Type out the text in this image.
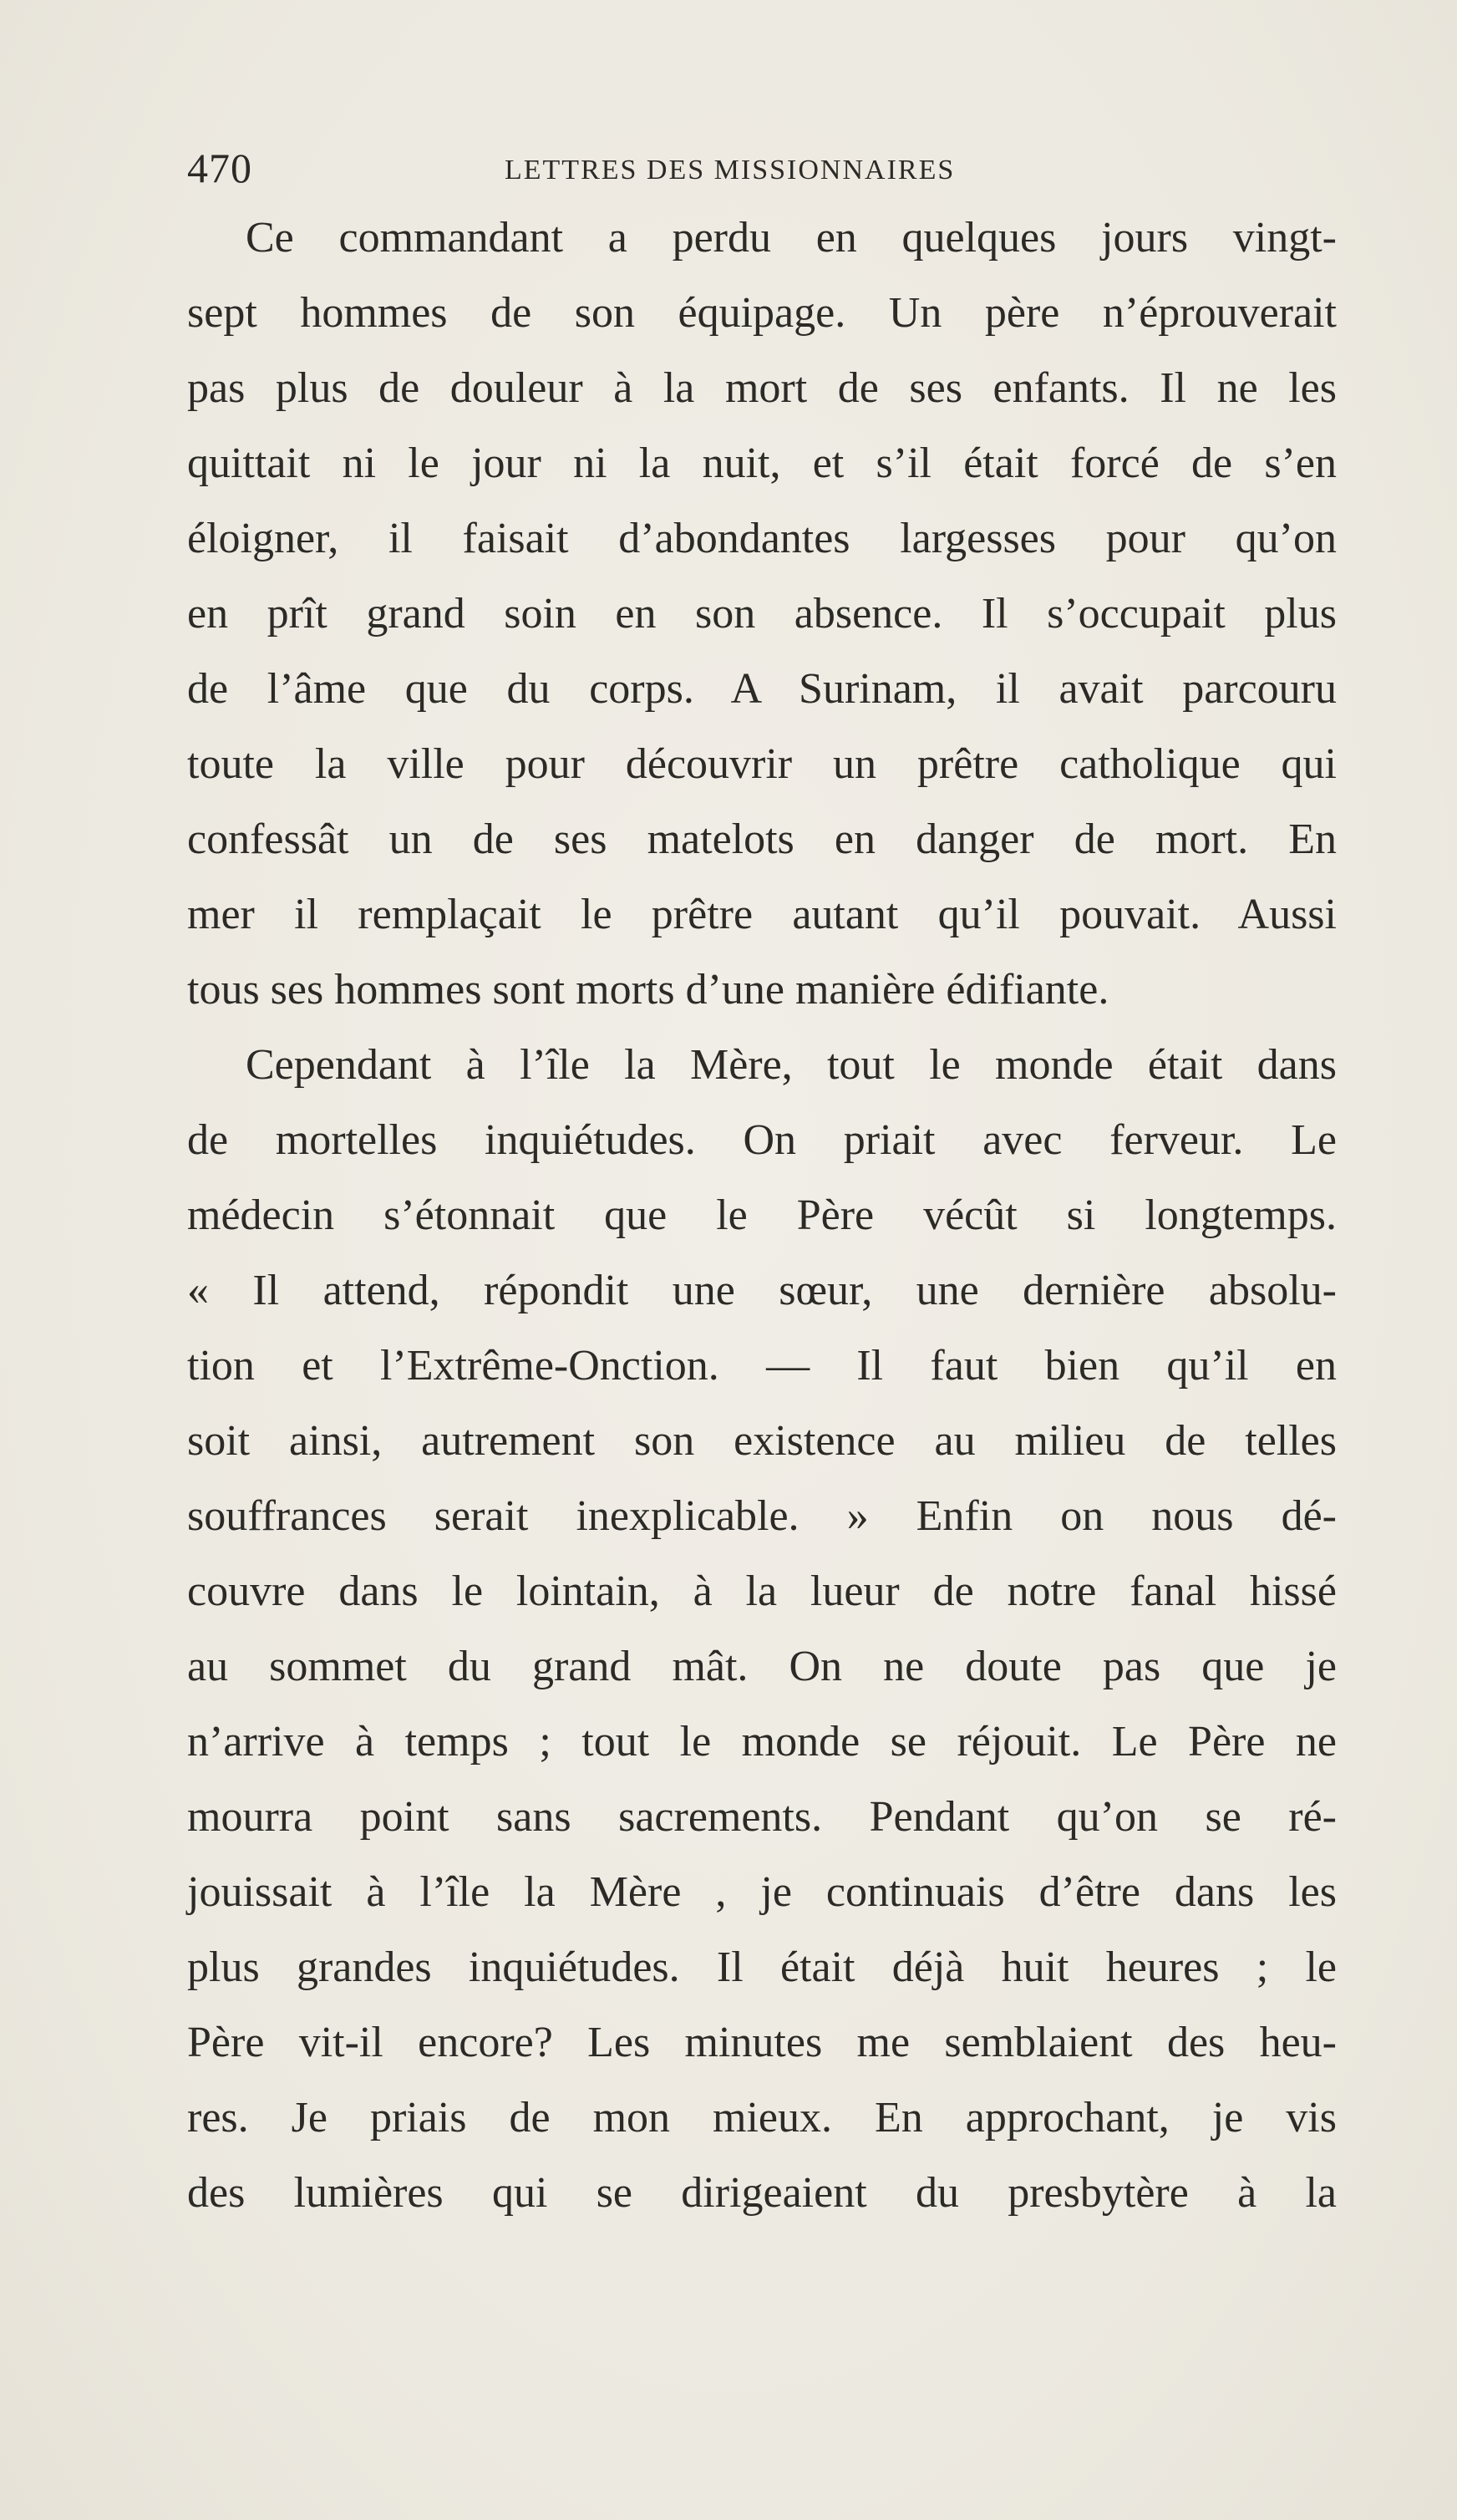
470	LETTRES DES MISSIONNAIRES
Ce commandant a perdu en quelques jours vingt-
sept hommes de son équipage. Un père n’éprouverait
pas plus de douleur à la mort de ses enfants. Il ne les
quittait ni le jour ni la nuit, et s’il était forcé de s’en
éloigner, il faisait d’abondantes largesses pour qu’on
en prît grand soin en son absence. Il s’occupait plus
de l’âme que du corps. A Surinam, il avait parcouru
toute la ville pour découvrir un prêtre catholique qui
confessât un de ses matelots en danger de mort. En
mer il remplaçait le prêtre autant qu’il pouvait. Aussi
tous ses hommes sont morts d’une manière édifiante.
Cependant à l’île la Mère, tout le monde était dans
de mortelles inquiétudes. On priait avec ferveur. Le
médecin s’étonnait que le Père vécût si longtemps.
« Il attend, répondit une sœur, une dernière absolu-
tion et l’Extrême-Onction. — Il faut bien qu’il en
soit ainsi, autrement son existence au milieu de telles
souffrances serait inexplicable. » Enfin on nous dé-
couvre dans le lointain, à la lueur de notre fanal hissé
au sommet du grand mât. On ne doute pas que je
n’arrive à temps ; tout le monde se réjouit. Le Père ne
mourra point sans sacrements. Pendant qu’on se ré-
jouissait à l’île la Mère , je continuais d’être dans les
plus grandes inquiétudes. Il était déjà huit heures ; le
Père vit-il encore? Les minutes me semblaient des heu-
res. Je priais de mon mieux. En approchant, je vis
des lumières qui se dirigeaient du presbytère à la
